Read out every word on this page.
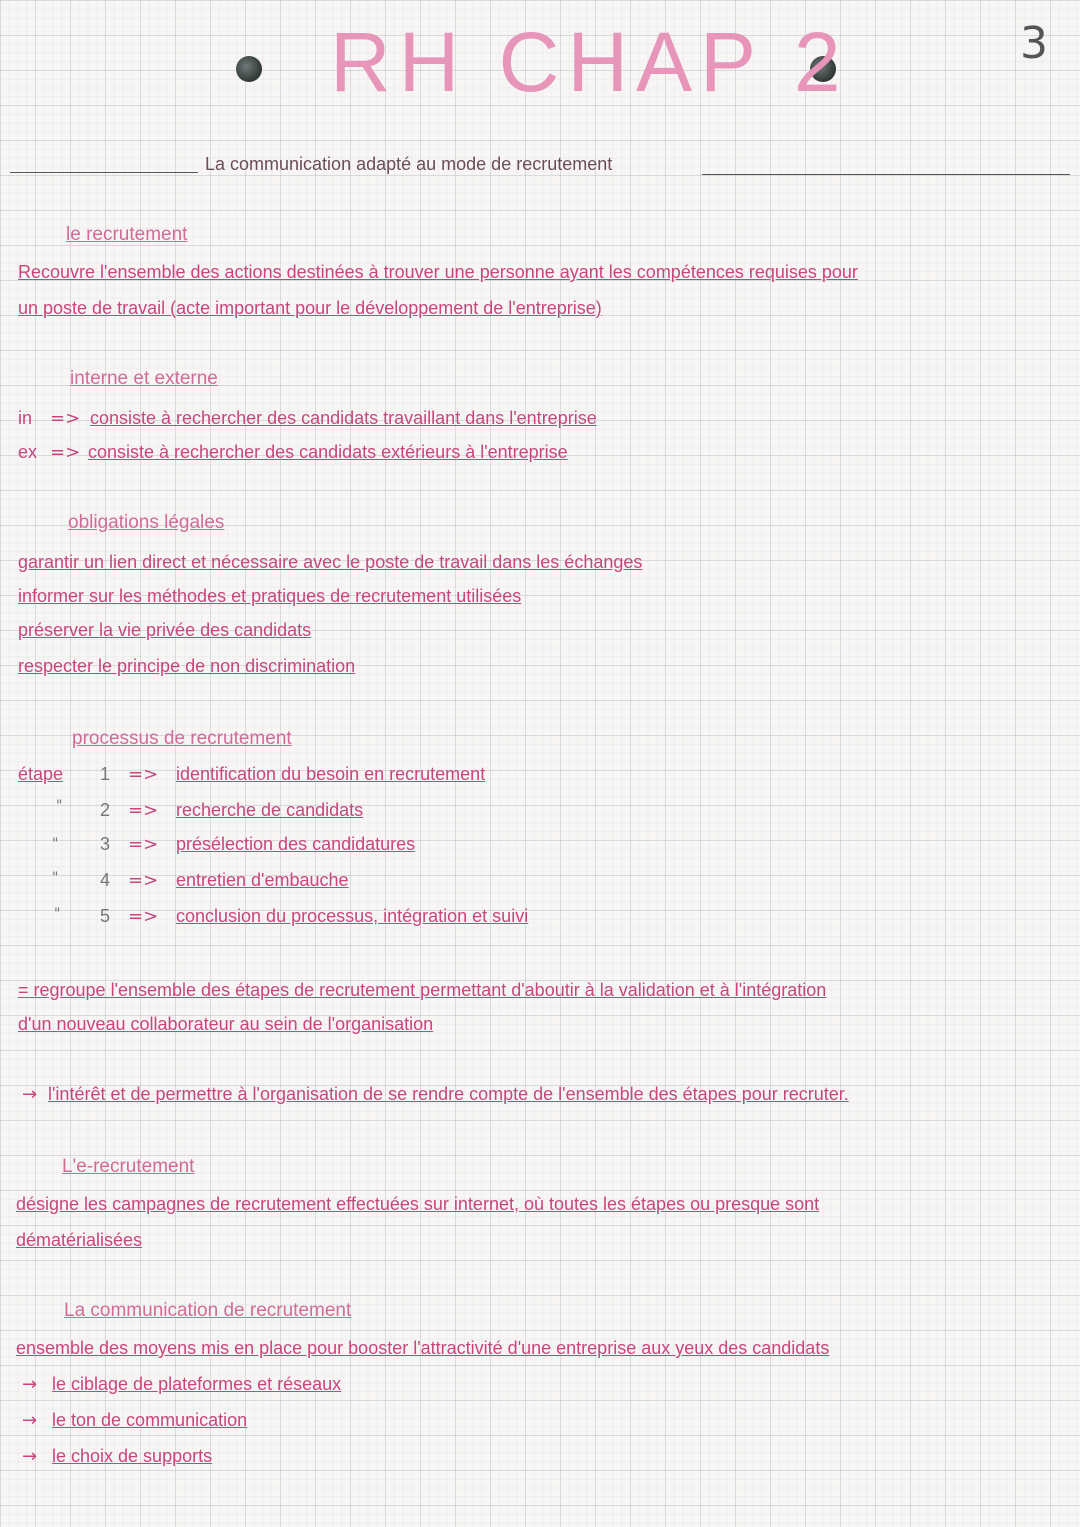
RH CHAP 2	3
La communication adapté au mode de recrutement
le recrutement
Recouvre l'ensemble des actions destinées à trouver une personne ayant les compétences requises pour
un poste de travail (acte important pour le développement de l'entreprise)
interne et externe
in => consiste à rechercher des candidats travaillant dans l'entreprise
ex => consiste à rechercher des candidats extérieurs à l'entreprise
obligations légales
garantir un lien direct et nécessaire avec le poste de travail dans les échanges
informer sur les méthodes et pratiques de recrutement utilisées
préserver la vie privée des candidats
respecter le principe de non discrimination
processus de recrutement
étape
"
"
"
"
1 => identification du besoin en recrutement
2 => recherche de candidats
3 => présélection des candidatures
4 => entretien d'embauche
5 => conclusion du processus, intégration et suivi
= regroupe l'ensemble des étapes de recrutement permettant d'aboutir à la validation et à l'intégration
d'un nouveau collaborateur au sein de l'organisation
→ l'intérêt et de permettre à l'organisation de se rendre compte de l'ensemble des étapes pour recruter.
L'e-recrutement
désigne les campagnes de recrutement effectuées sur internet, où toutes les étapes ou presque sont
dématérialisées
La communication de recrutement
ensemble des moyens mis en place pour booster l'attractivité d'une entreprise aux yeux des candidats
→ le ciblage de plateformes et réseaux
→ le ton de communication
→ le choix de supports
